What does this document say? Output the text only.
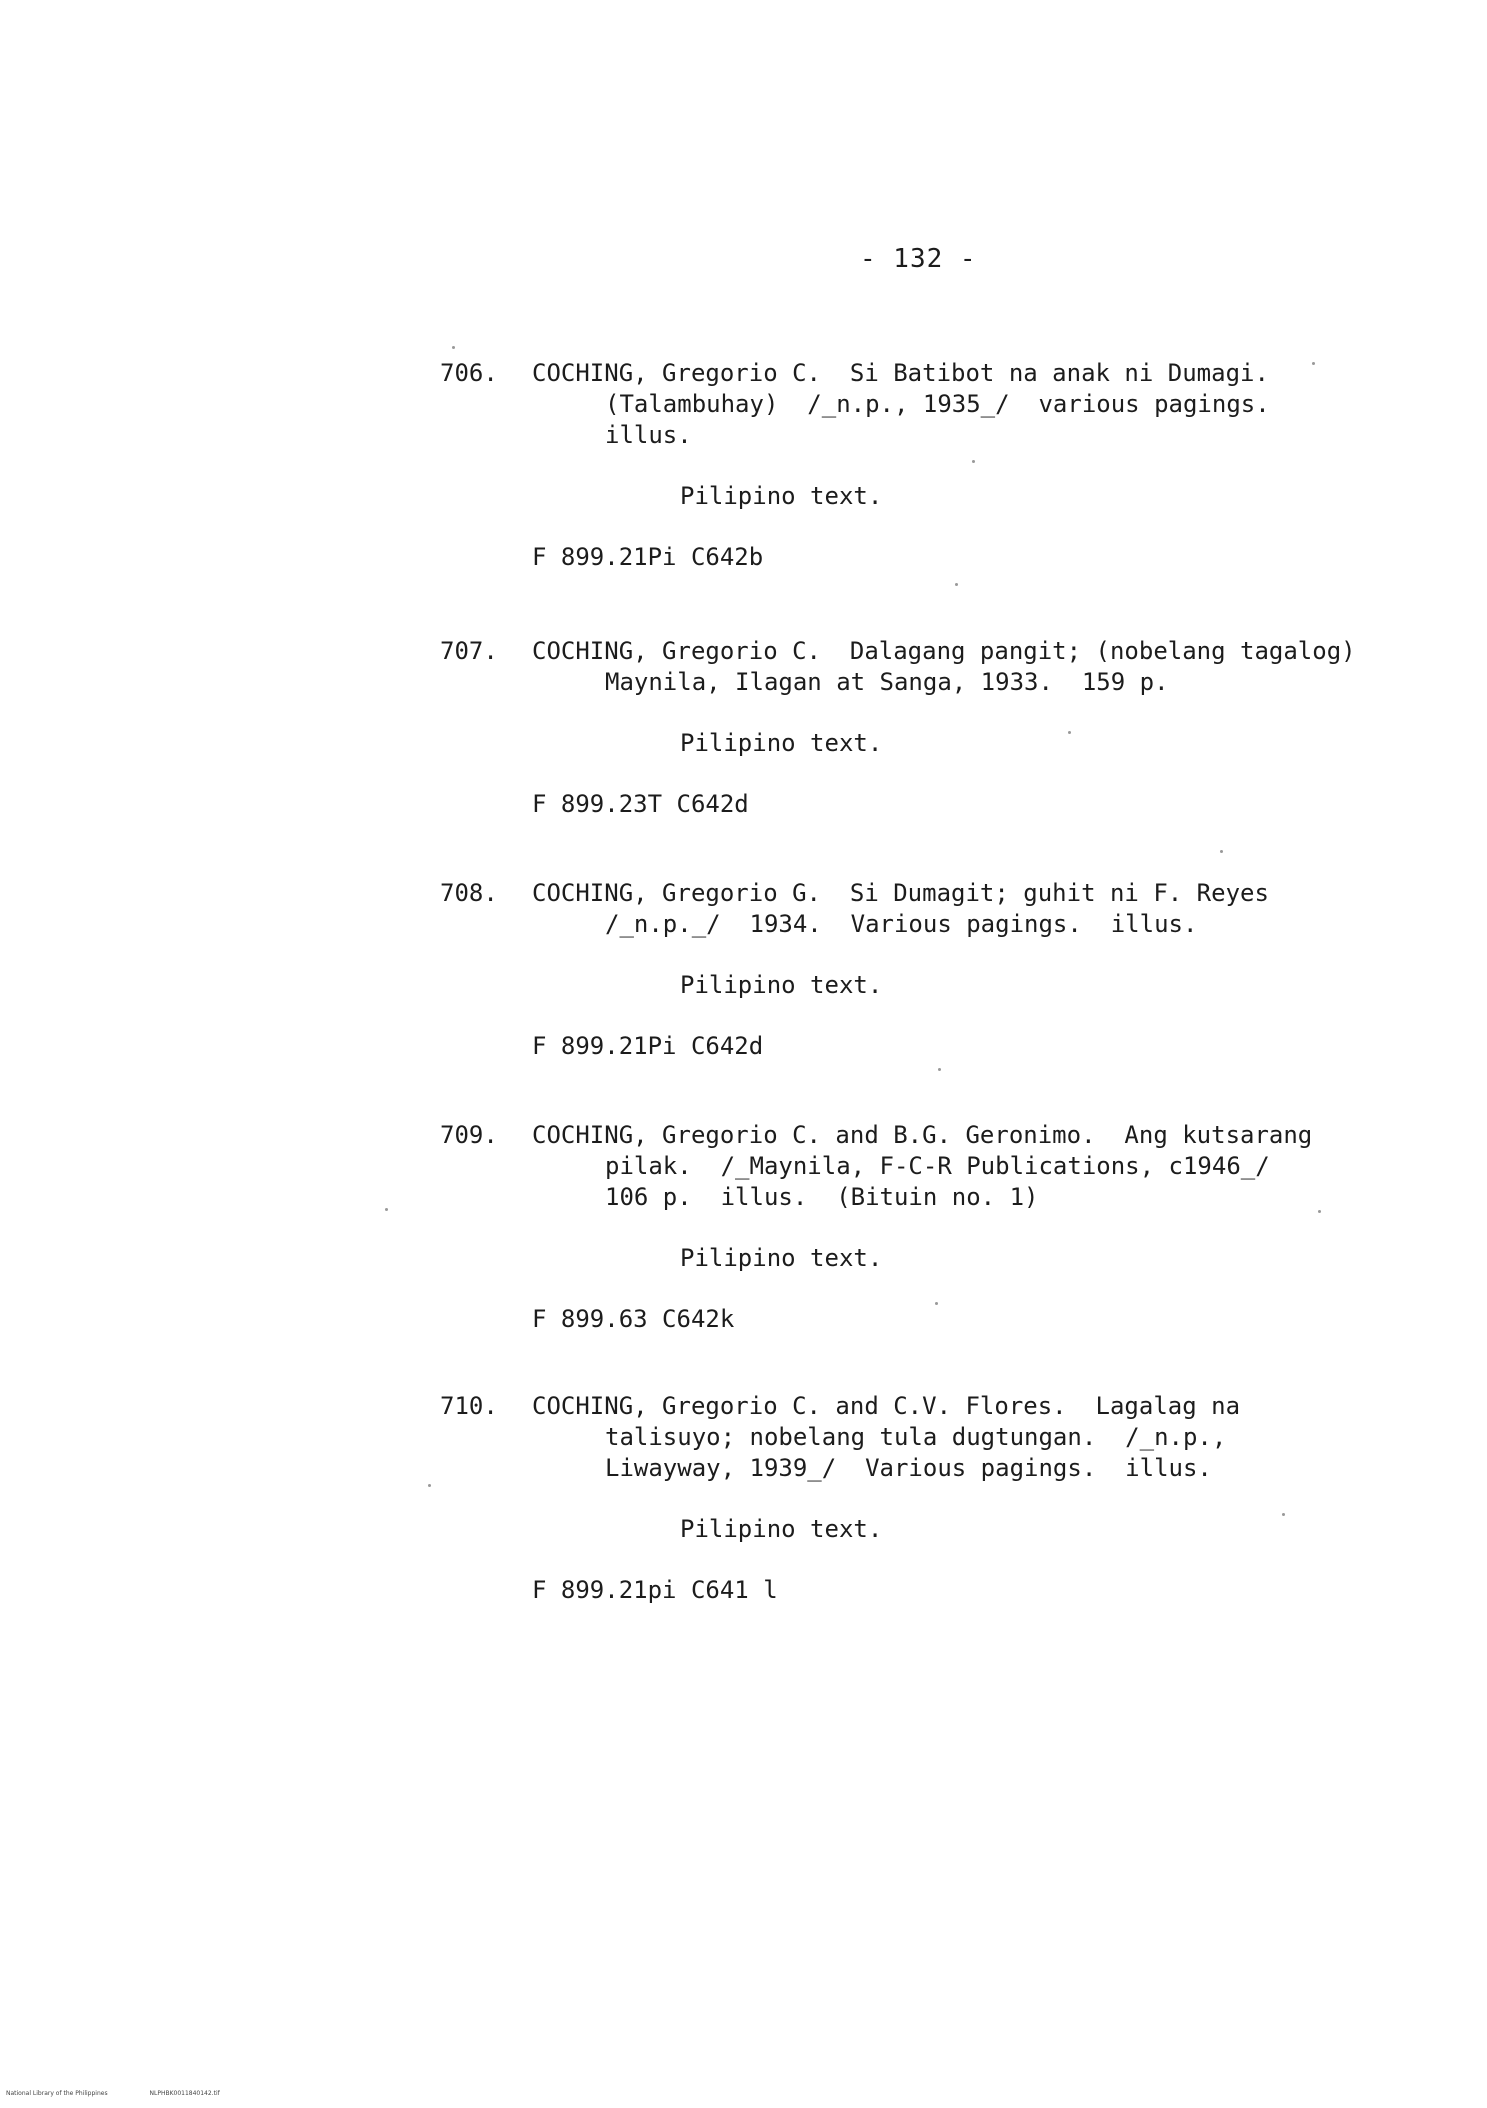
- 132 -
706. COCHING, Gregorio C.  Si Batibot na anak ni Dumagi.
(Talambuhay)  /_n.p., 1935_/  various pagings.
illus.
Pilipino text.
F 899.21Pi C642b
707. COCHING, Gregorio C.  Dalagang pangit; (nobelang tagalog)
Maynila, Ilagan at Sanga, 1933.  159 p.
Pilipino text.
F 899.23T C642d
708. COCHING, Gregorio G.  Si Dumagit; guhit ni F. Reyes
/_n.p._/  1934.  Various pagings.  illus.
Pilipino text.
F 899.21Pi C642d
709. COCHING, Gregorio C. and B.G. Geronimo.  Ang kutsarang
pilak.  /_Maynila, F-C-R Publications, c1946_/
106 p.  illus.  (Bituin no. 1)
Pilipino text.
F 899.63 C642k
710. COCHING, Gregorio C. and C.V. Flores.  Lagalag na
talisuyo; nobelang tula dugtungan.  /_n.p.,
Liwayway, 1939_/  Various pagings.  illus.
Pilipino text.
F 899.21pi C641 l
National Library of the Philippines	NLPHBK0011840142.tif
